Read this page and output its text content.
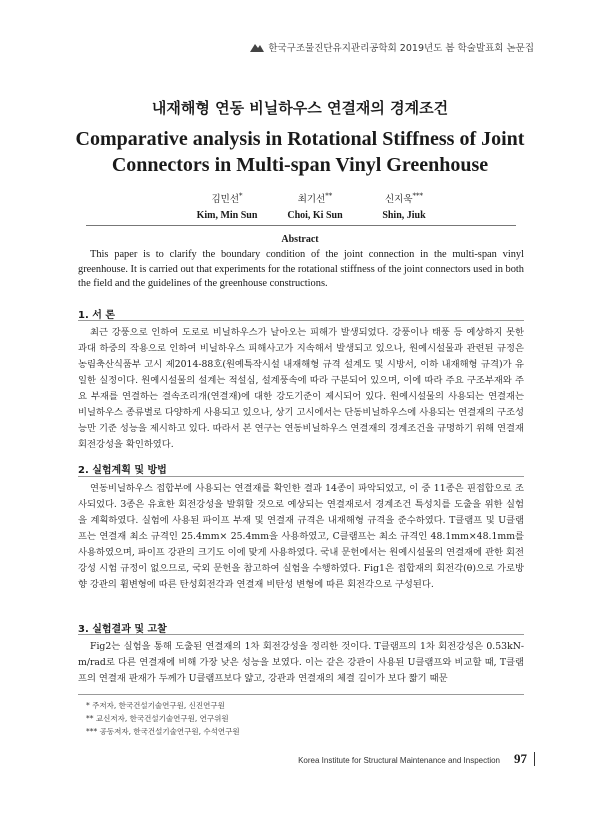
한국구조물진단유지관리공학회 2019년도 봄 학술발표회 논문집
내재해형 연동 비닐하우스 연결재의 경계조건
Comparative analysis in Rotational Stiffness of Joint Connectors in Multi-span Vinyl Greenhouse
김민선*
Kim, Min Sun
최기선**
Choi, Ki Sun
신지욱***
Shin, Jiuk
Abstract
This paper is to clarify the boundary condition of the joint connection in the multi-span vinyl greenhouse. It is carried out that experiments for the rotational stiffness of the joint connectors used in both the field and the guidelines of the greenhouse constructions.
1. 서 론
최근 강풍으로 인하여 도로로 비닐하우스가 날아오는 피해가 발생되었다. 강풍이나 태풍 등 예상하지 못한 과대 하중의 작용으로 인하여 비닐하우스 피해사고가 지속해서 발생되고 있으나, 원예시설물과 관련된 규정은 농림축산식품부 고시 제2014-88호(원예특작시설 내재해형 규격 설계도 및 시방서, 이하 내재해형 규격)가 유일한 실정이다. 원예시설물의 설계는 적설심, 설계풍속에 따라 구분되어 있으며, 이에 따라 주요 구조부재와 주요 부재를 연결하는 결속조리개(연결재)에 대한 강도기준이 제시되어 있다. 원예시설물의 사용되는 연결재는 비닐하우스 종류별로 다양하게 사용되고 있으나, 상기 고시에서는 단동비닐하우스에 사용되는 연결재의 구조성능만 기준 성능을 제시하고 있다. 따라서 본 연구는 연동비닐하우스 연결재의 경계조건을 규명하기 위해 연결재 회전강성을 확인하였다.
2. 실험계획 및 방법
연동비닐하우스 접합부에 사용되는 연결재를 확인한 결과 14종이 파악되었고, 이 중 11종은 핀접합으로 조사되었다. 3종은 유효한 회전강성을 발휘할 것으로 예상되는 연결재로서 경계조건 특성치를 도출을 위한 실험을 계획하였다. 실험에 사용된 파이프 부재 및 연결재 규격은 내재해형 규격을 준수하였다. T클램프 및 U클램프는 연결재 최소 규격인 25.4mm× 25.4mm을 사용하였고, C클램프는 최소 규격인 48.1mm×48.1mm를 사용하였으며, 파이프 강관의 크기도 이에 맞게 사용하였다. 국내 문헌에서는 원예시설물의 연결재에 관한 회전강성 시험 규정이 없으므로, 국외 문헌을 참고하여 실험을 수행하였다. Fig1은 접합재의 회전각(θ)으로 가로방향 강관의 휨변형에 따른 탄성회전각과 연결재 비탄성 변형에 따른 회전각으로 구성된다.
3. 실험결과 및 고찰
Fig2는 실험을 통해 도출된 연결재의 1차 회전강성을 정리한 것이다. T클램프의 1차 회전강성은 0.53kN-m/rad로 다른 연결재에 비해 가장 낮은 성능을 보였다. 이는 같은 강관이 사용된 U클램프와 비교할 때, T클램프의 연결재 판재가 두께가 U클램프보다 얇고, 강관과 연결재의 체결 길이가 보다 짧기 때문
* 주저자, 한국건설기술연구원, 신진연구원
** 교신저자, 한국건설기술연구원, 연구위원
*** 공동저자, 한국건설기술연구원, 수석연구원
Korea Institute for Structural Maintenance and Inspection 97
